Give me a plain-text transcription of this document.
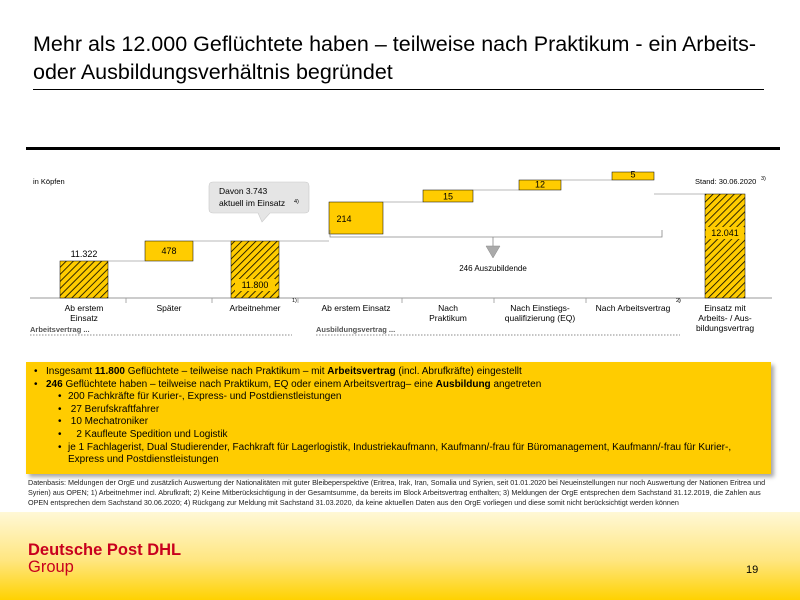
Mehr als 12.000 Geflüchtete haben – teilweise nach Praktikum - ein Arbeits- oder Ausbildungsverhältnis begründet
in Köpfen	Stand: 30.06.2020 3)
11.322	478
11.800
1)
214
15
12
5
2)
12.041
246 Auszubildende
Davon 3.743
aktuell im Einsatz 4)
Ab erstem
Einsatz
Später	Arbeitnehmer	Ab erstem Einsatz	Nach
Praktikum
Nach Einstiegs-
qualifizierung (EQ)
Nach Arbeitsvertrag	Einsatz mit
Arbeits- / Aus-
bildungsvertrag
Arbeitsvertrag ...	Ausbildungsvertrag ...
• Insgesamt 11.800 Geflüchtete – teilweise nach Praktikum – mit Arbeitsvertrag (incl. Abrufkräfte) eingestellt
• 246 Geflüchtete haben – teilweise nach Praktikum, EQ oder einem Arbeitsvertrag– eine Ausbildung angetreten
• 200 Fachkräfte für Kurier-, Express- und Postdienstleistungen
•  27 Berufskraftfahrer
•  10 Mechatroniker
•    2 Kaufleute Spedition und Logistik
• je 1 Fachlagerist, Dual Studierender, Fachkraft für Lagerlogistik, Industriekaufmann, Kaufmann/-frau für Büromanagement, Kaufmann/-frau für Kurier-, Express und Postdienstleistungen
Datenbasis: Meldungen der OrgE und zusätzlich Auswertung der Nationalitäten mit guter Bleibeperspektive (Eritrea, Irak, Iran, Somalia und Syrien, seit 01.01.2020 bei Neueinstellungen nur noch Auswertung der Nationen Eritrea und Syrien) aus OPEN; 1) Arbeitnehmer incl. Abrufkraft; 2) Keine Mitberücksichtigung in der Gesamtsumme, da bereits im Block Arbeitsvertrag enthalten; 3) Meldungen der OrgE entsprechen dem Sachstand 31.12.2019, die Zahlen aus OPEN entsprechen dem Sachstand 30.06.2020; 4) Rückgang zur Meldung mit Sachstand 31.03.2020, da keine aktuellen Daten aus den OrgE vorliegen und diese somit nicht berücksichtigt werden können
Deutsche Post DHL
Group	19
